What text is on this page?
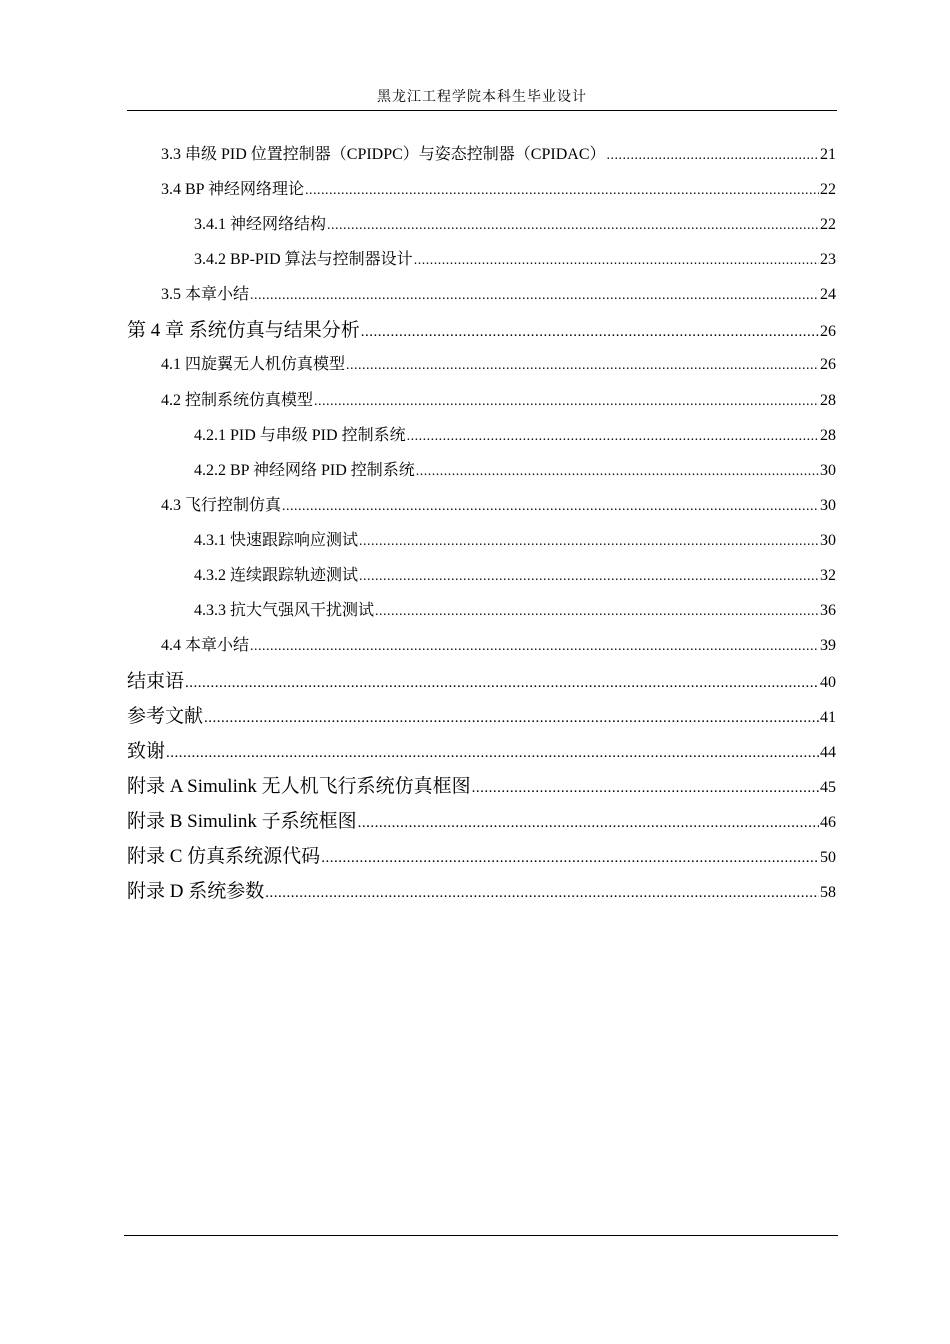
黑龙江工程学院本科生毕业设计
3.3 串级 PID 位置控制器（CPIDPC）与姿态控制器（CPIDAC） .....	21
3.4 BP 神经网络理论 .....	22
3.4.1 神经网络结构 .....	22
3.4.2 BP-PID 算法与控制器设计 .....	23
3.5 本章小结 .....	24
第 4 章 系统仿真与结果分析 .....	26
4.1 四旋翼无人机仿真模型 .....	26
4.2 控制系统仿真模型 .....	28
4.2.1 PID 与串级 PID 控制系统 .....	28
4.2.2 BP 神经网络 PID 控制系统 .....	30
4.3 飞行控制仿真 .....	30
4.3.1 快速跟踪响应测试 .....	30
4.3.2 连续跟踪轨迹测试 .....	32
4.3.3 抗大气强风干扰测试 .....	36
4.4 本章小结 .....	39
结束语 .....	40
参考文献 .....	41
致谢 .....	44
附录 A Simulink 无人机飞行系统仿真框图 .....	45
附录 B Simulink 子系统框图 .....	46
附录 C 仿真系统源代码 .....	50
附录 D 系统参数 .....	58
